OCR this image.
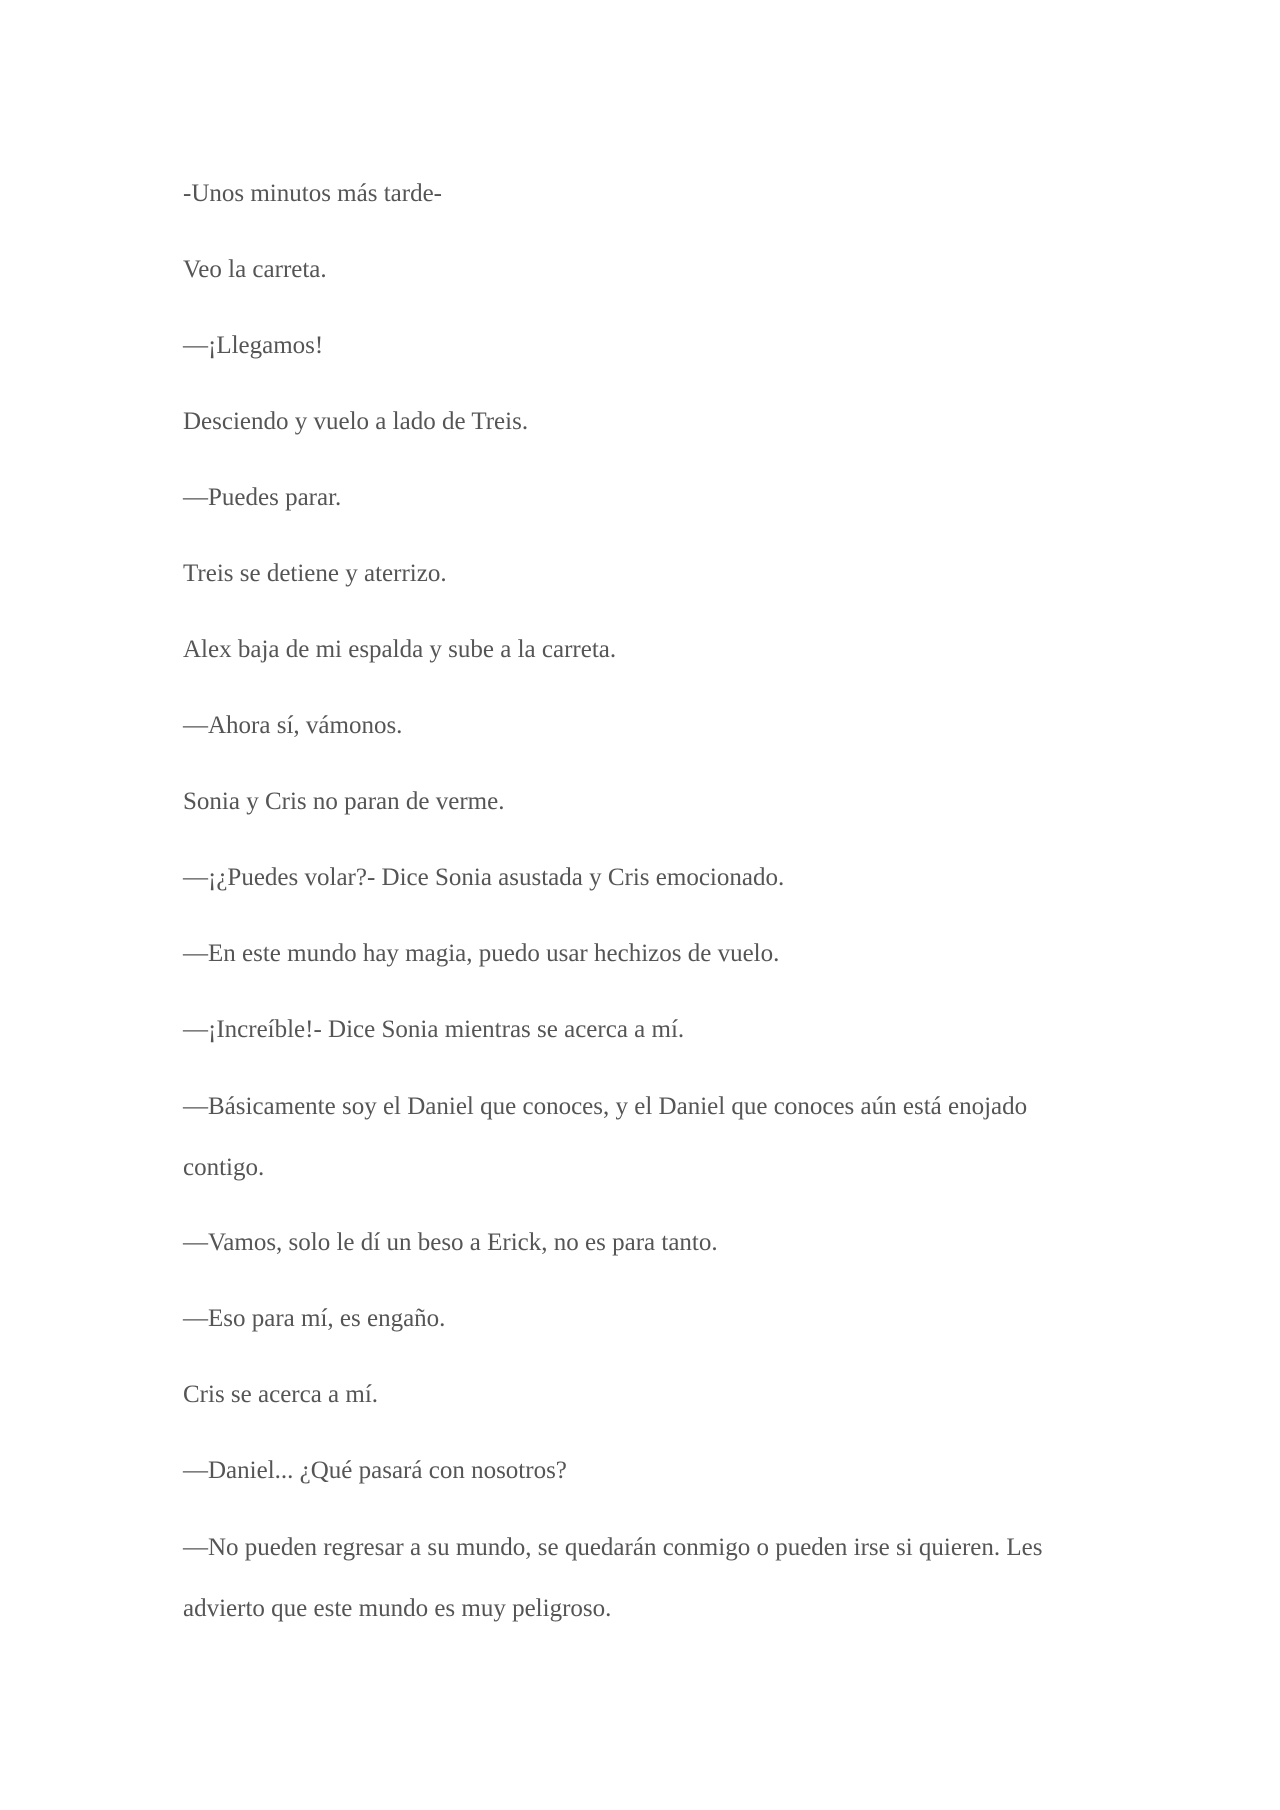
-Unos minutos más tarde-

Veo la carreta.

—¡Llegamos!

Desciendo y vuelo a lado de Treis.

—Puedes parar.

Treis se detiene y aterrizo.

Alex baja de mi espalda y sube a la carreta.

—Ahora sí, vámonos.

Sonia y Cris no paran de verme.

—¡¿Puedes volar?- Dice Sonia asustada y Cris emocionado.

—En este mundo hay magia, puedo usar hechizos de vuelo.

—¡Increíble!- Dice Sonia mientras se acerca a mí.

—Básicamente soy el Daniel que conoces, y el Daniel que conoces aún está enojado contigo.

—Vamos, solo le dí un beso a Erick, no es para tanto.

—Eso para mí, es engaño.

Cris se acerca a mí.

—Daniel... ¿Qué pasará con nosotros?

—No pueden regresar a su mundo, se quedarán conmigo o pueden irse si quieren. Les advierto que este mundo es muy peligroso.
